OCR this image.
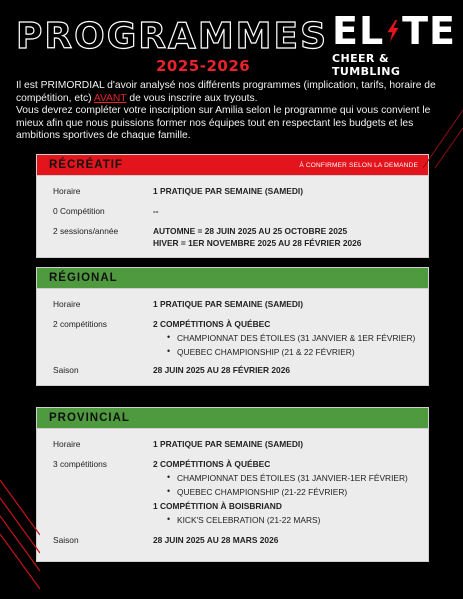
PROGRAMMES
2025-2026
EL TE
CHEER & TUMBLING
Il est PRIMORDIAL d'avoir analysé nos différents programmes (implication, tarifs, horaire de compétition, etc) AVANT de vous inscrire aux tryouts.
Vous devrez compléter votre inscription sur Amilia selon le programme qui vous convient le mieux afin que nous puissions former nos équipes tout en respectant les budgets et les ambitions sportives de chaque famille.
RÉCRÉATIF	À CONFIRMER SELON LA DEMANDE
Horaire	1 PRATIQUE PAR SEMAINE (SAMEDI)
0 Compétition	--
2 sessions/année	AUTOMNE = 28 JUIN 2025 AU 25 OCTOBRE 2025
HIVER = 1ER NOVEMBRE 2025 AU 28 FÉVRIER 2026
RÉGIONAL
Horaire	1 PRATIQUE PAR SEMAINE (SAMEDI)
2 compétitions	2 COMPÉTITIONS À QUÉBEC
• CHAMPIONNAT DES ÉTOILES (31 JANVIER & 1ER FÉVRIER)
• QUEBEC CHAMPIONSHIP (21 & 22 FÉVRIER)
Saison	28 JUIN 2025 AU 28 FÉVRIER 2026
PROVINCIAL
Horaire	1 PRATIQUE PAR SEMAINE (SAMEDI)
3 compétitions	2 COMPÉTITIONS À QUÉBEC
• CHAMPIONNAT DES ÉTOILES (31 JANVIER-1ER FÉVRIER)
• QUEBEC CHAMPIONSHIP (21-22 FÉVRIER)
1 COMPÉTITION À BOISBRIAND
• KICK'S CELEBRATION (21-22 MARS)
Saison	28 JUIN 2025 AU 28 MARS 2026
